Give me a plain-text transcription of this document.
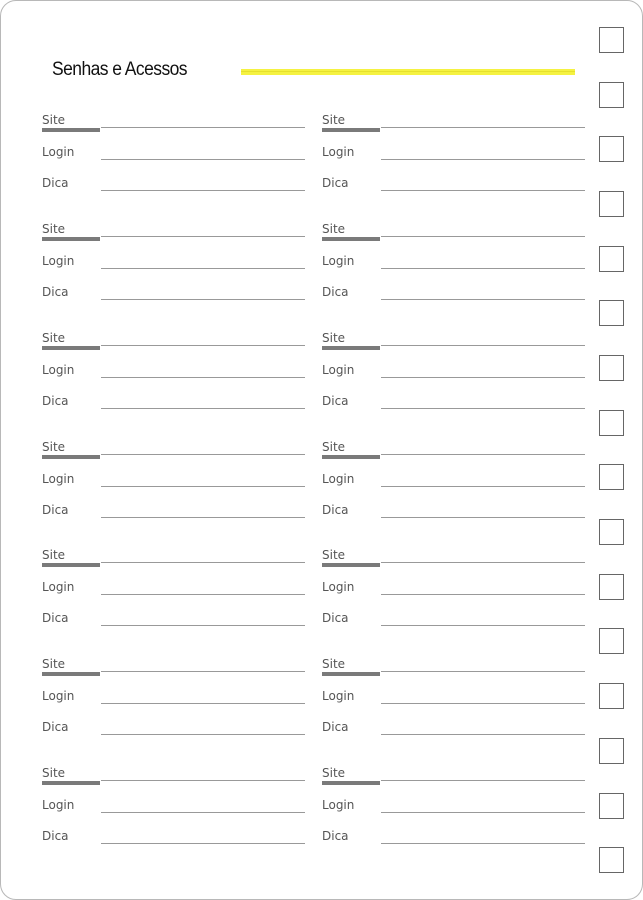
Senhas e Acessos
Site
Login
Dica
Site
Login
Dica
Site
Login
Dica
Site
Login
Dica
Site
Login
Dica
Site
Login
Dica
Site
Login
Dica
Site
Login
Dica
Site
Login
Dica
Site
Login
Dica
Site
Login
Dica
Site
Login
Dica
Site
Login
Dica
Site
Login
Dica
